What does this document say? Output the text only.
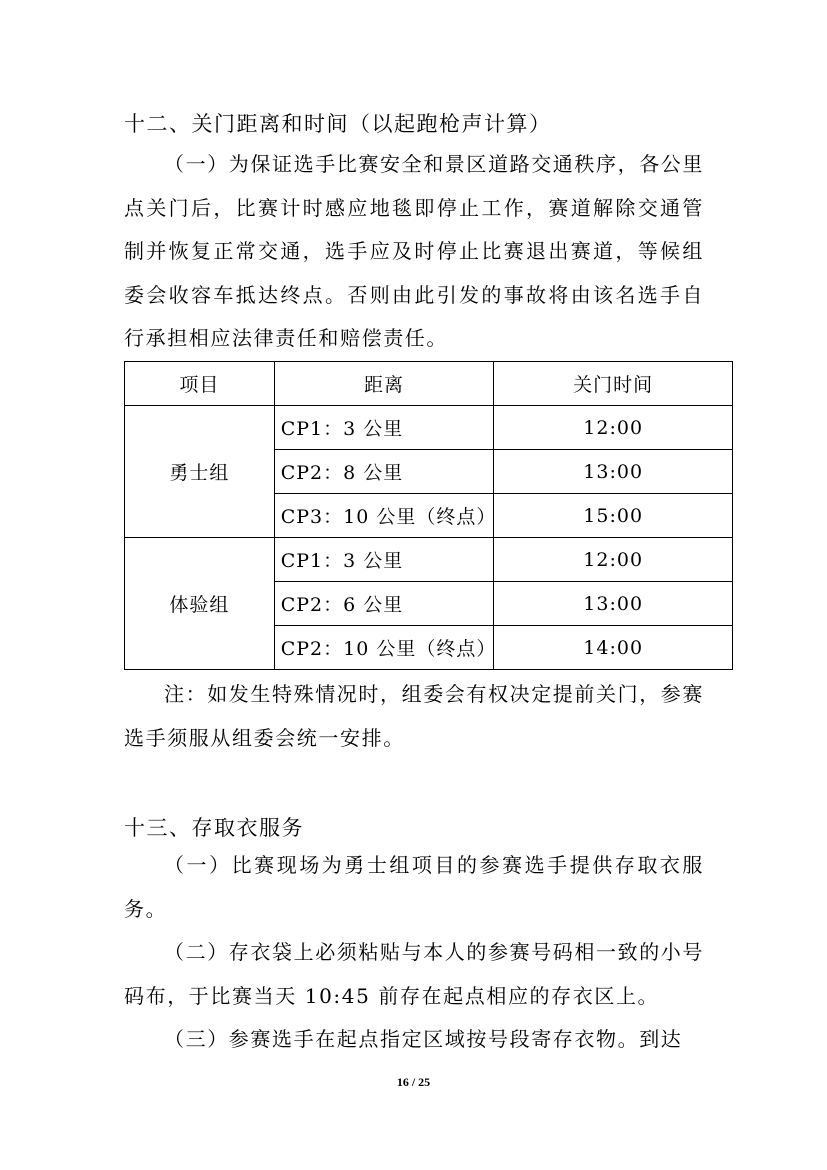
十二、关门距离和时间（以起跑枪声计算）

（一）为保证选手比赛安全和景区道路交通秩序，各公里点关门后，比赛计时感应地毯即停止工作，赛道解除交通管制并恢复正常交通，选手应及时停止比赛退出赛道，等候组委会收容车抵达终点。否则由此引发的事故将由该名选手自行承担相应法律责任和赔偿责任。

项目	距离	关门时间
勇士组	CP1：3 公里	12:00
	CP2：8 公里	13:00
	CP3：10 公里（终点）	15:00
体验组	CP1：3 公里	12:00
	CP2：6 公里	13:00
	CP2：10 公里（终点）	14:00

注：如发生特殊情况时，组委会有权决定提前关门，参赛选手须服从组委会统一安排。

十三、存取衣服务

（一）比赛现场为勇士组项目的参赛选手提供存取衣服务。

（二）存衣袋上必须粘贴与本人的参赛号码相一致的小号码布，于比赛当天 10:45 前存在起点相应的存衣区上。

（三）参赛选手在起点指定区域按号段寄存衣物。到达

16 / 25
